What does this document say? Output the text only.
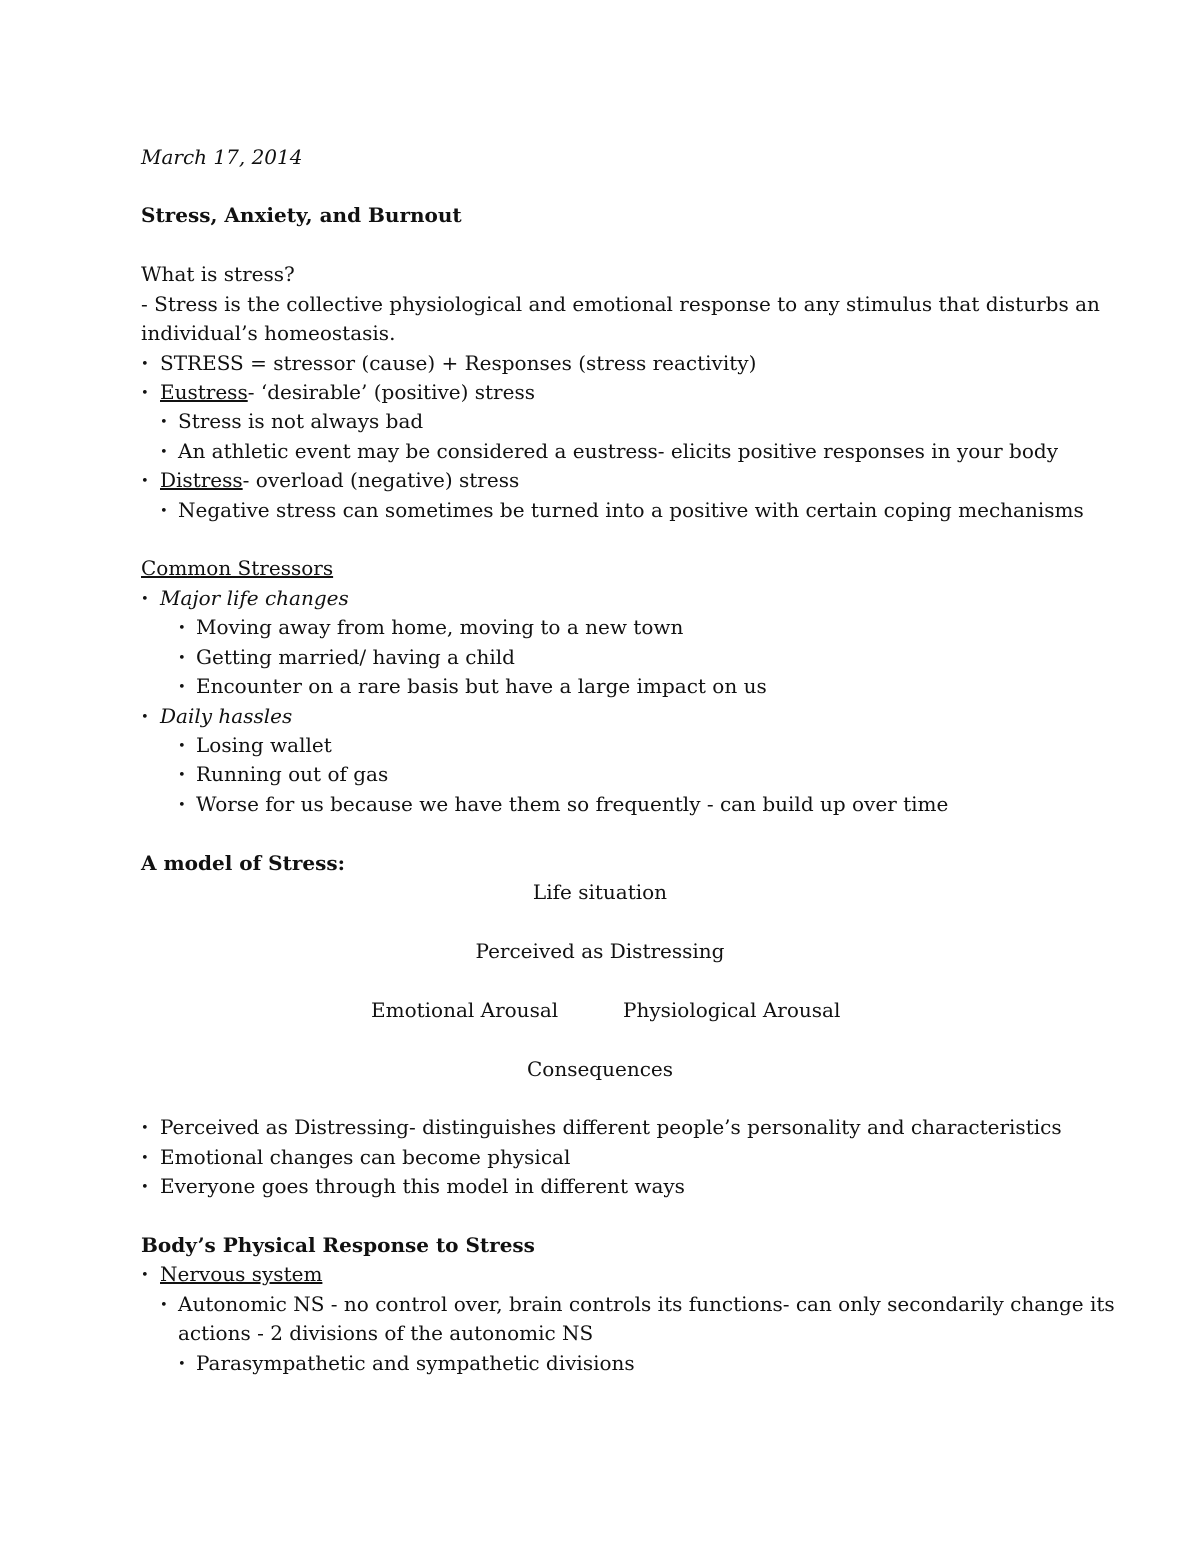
March 17, 2014
Stress, Anxiety, and Burnout
What is stress?
- Stress is the collective physiological and emotional response to any stimulus that disturbs an
individual’s homeostasis.
• STRESS = stressor (cause) + Responses (stress reactivity)
• Eustress- ‘desirable’ (positive) stress
• Stress is not always bad
• An athletic event may be considered a eustress- elicits positive responses in your body
• Distress- overload (negative) stress
• Negative stress can sometimes be turned into a positive with certain coping mechanisms
Common Stressors
• Major life changes
• Moving away from home, moving to a new town
• Getting married/ having a child
• Encounter on a rare basis but have a large impact on us
• Daily hassles
• Losing wallet
• Running out of gas
• Worse for us because we have them so frequently - can build up over time
A model of Stress:
Life situation
Perceived as Distressing
Emotional Arousal	Physiological Arousal
Consequences
• Perceived as Distressing- distinguishes different people’s personality and characteristics
• Emotional changes can become physical
• Everyone goes through this model in different ways
Body’s Physical Response to Stress
• Nervous system
• Autonomic NS - no control over, brain controls its functions- can only secondarily change its
actions - 2 divisions of the autonomic NS
• Parasympathetic and sympathetic divisions
